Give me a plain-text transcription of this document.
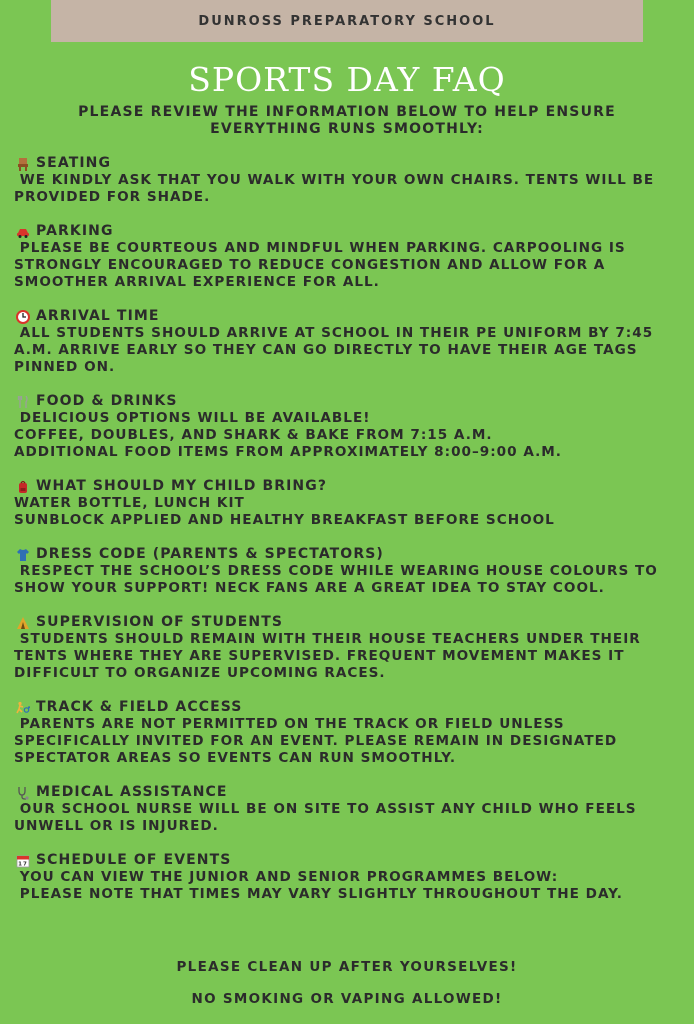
DUNROSS PREPARATORY SCHOOL
SPORTS DAY FAQ
PLEASE REVIEW THE INFORMATION BELOW TO HELP ENSURE EVERYTHING RUNS SMOOTHLY:
SEATING
WE KINDLY ASK THAT YOU WALK WITH YOUR OWN CHAIRS. TENTS WILL BE PROVIDED FOR SHADE.
PARKING
PLEASE BE COURTEOUS AND MINDFUL WHEN PARKING. CARPOOLING IS STRONGLY ENCOURAGED TO REDUCE CONGESTION AND ALLOW FOR A SMOOTHER ARRIVAL EXPERIENCE FOR ALL.
ARRIVAL TIME
ALL STUDENTS SHOULD ARRIVE AT SCHOOL IN THEIR PE UNIFORM BY 7:45 A.M. ARRIVE EARLY SO THEY CAN GO DIRECTLY TO HAVE THEIR AGE TAGS PINNED ON.
FOOD & DRINKS
DELICIOUS OPTIONS WILL BE AVAILABLE!
COFFEE, DOUBLES, AND SHARK & BAKE FROM 7:15 A.M.
ADDITIONAL FOOD ITEMS FROM APPROXIMATELY 8:00–9:00 A.M.
WHAT SHOULD MY CHILD BRING?
WATER BOTTLE, LUNCH KIT
SUNBLOCK APPLIED AND HEALTHY BREAKFAST BEFORE SCHOOL
DRESS CODE (PARENTS & SPECTATORS)
RESPECT THE SCHOOL’S DRESS CODE WHILE WEARING HOUSE COLOURS TO SHOW YOUR SUPPORT! NECK FANS ARE A GREAT IDEA TO STAY COOL.
SUPERVISION OF STUDENTS
STUDENTS SHOULD REMAIN WITH THEIR HOUSE TEACHERS UNDER THEIR TENTS WHERE THEY ARE SUPERVISED. FREQUENT MOVEMENT MAKES IT DIFFICULT TO ORGANIZE UPCOMING RACES.
TRACK & FIELD ACCESS
PARENTS ARE NOT PERMITTED ON THE TRACK OR FIELD UNLESS SPECIFICALLY INVITED FOR AN EVENT. PLEASE REMAIN IN DESIGNATED SPECTATOR AREAS SO EVENTS CAN RUN SMOOTHLY.
MEDICAL ASSISTANCE
OUR SCHOOL NURSE WILL BE ON SITE TO ASSIST ANY CHILD WHO FEELS UNWELL OR IS INJURED.
17 SCHEDULE OF EVENTS
YOU CAN VIEW THE JUNIOR AND SENIOR PROGRAMMES BELOW:
PLEASE NOTE THAT TIMES MAY VARY SLIGHTLY THROUGHOUT THE DAY.
PLEASE CLEAN UP AFTER YOURSELVES!
NO SMOKING OR VAPING ALLOWED!
